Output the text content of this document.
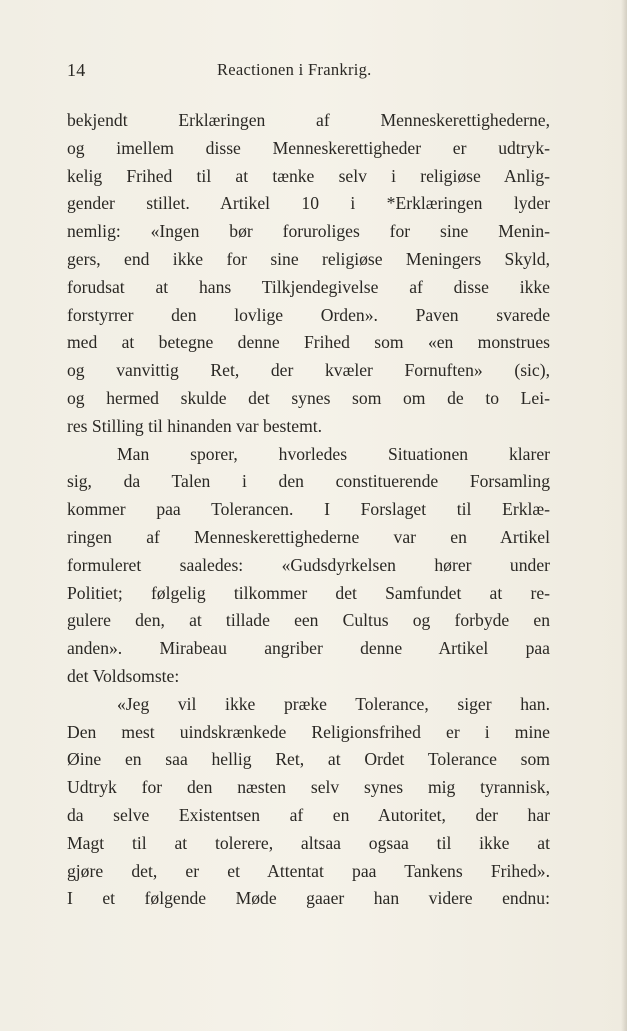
14	Reactionen i Frankrig.
bekjendt Erklæringen af Menneskerettighederne,
og imellem disse Menneskerettigheder er udtryk-
kelig Frihed til at tænke selv i religiøse Anlig-
gender stillet. Artikel 10 i *Erklæringen lyder
nemlig: «Ingen bør foruroliges for sine Menin-
gers, end ikke for sine religiøse Meningers Skyld,
forudsat at hans Tilkjendegivelse af disse ikke
forstyrrer den lovlige Orden». Paven svarede
med at betegne denne Frihed som «en monstrues
og vanvittig Ret, der kvæler Fornuften» (sic),
og hermed skulde det synes som om de to Lei-
res Stilling til hinanden var bestemt.
Man sporer, hvorledes Situationen klarer
sig, da Talen i den constituerende Forsamling
kommer paa Tolerancen. I Forslaget til Erklæ-
ringen af Menneskerettighederne var en Artikel
formuleret saaledes: «Gudsdyrkelsen hører under
Politiet; følgelig tilkommer det Samfundet at re-
gulere den, at tillade een Cultus og forbyde en
anden». Mirabeau angriber denne Artikel paa
det Voldsomste:
«Jeg vil ikke præke Tolerance, siger han.
Den mest uindskrænkede Religionsfrihed er i mine
Øine en saa hellig Ret, at Ordet Tolerance som
Udtryk for den næsten selv synes mig tyrannisk,
da selve Existentsen af en Autoritet, der har
Magt til at tolerere, altsaa ogsaa til ikke at
gjøre det, er et Attentat paa Tankens Frihed».
I et følgende Møde gaaer han videre endnu:
